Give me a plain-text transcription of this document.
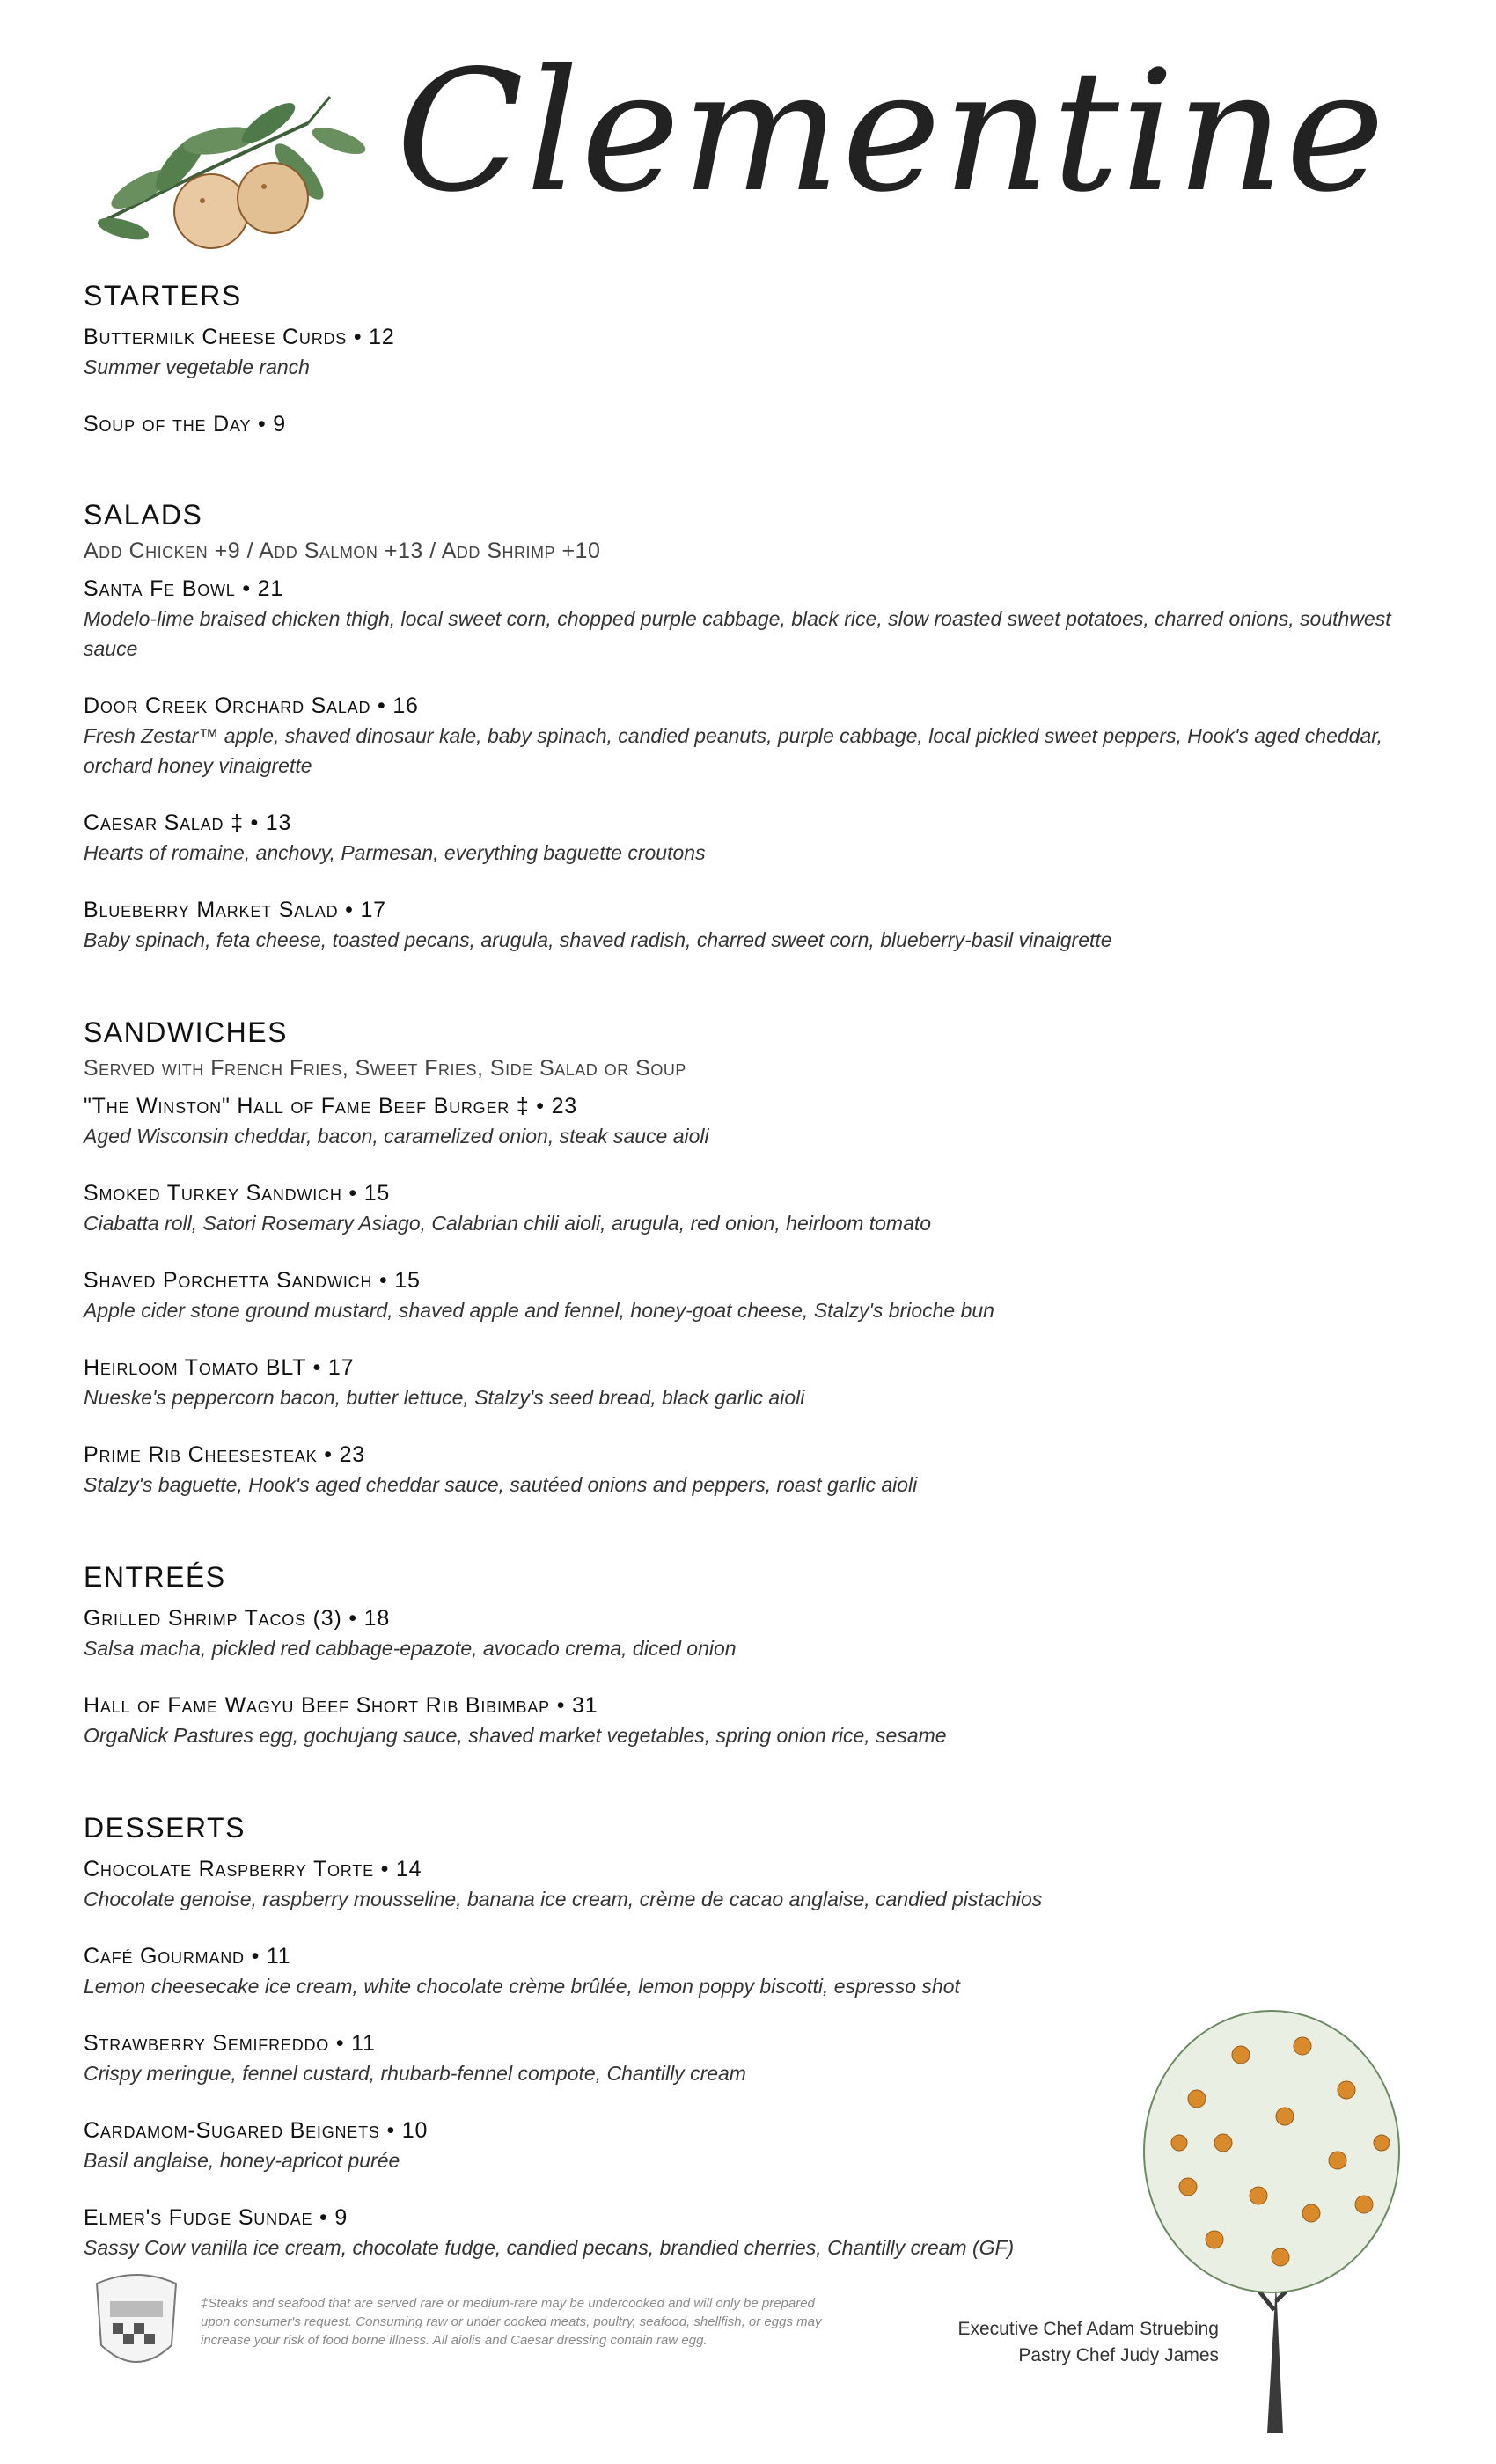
Clementine
STARTERS
Buttermilk Cheese Curds • 12
Summer vegetable ranch
Soup of the Day • 9
SALADS
Add Chicken +9 / Add Salmon +13 / Add Shrimp +10
Santa Fe Bowl • 21
Modelo-lime braised chicken thigh, local sweet corn, chopped purple cabbage, black rice, slow roasted sweet potatoes, charred onions, southwest sauce
Door Creek Orchard Salad • 16
Fresh Zestar™ apple, shaved dinosaur kale, baby spinach, candied peanuts, purple cabbage, local pickled sweet peppers, Hook's aged cheddar, orchard honey vinaigrette
Caesar Salad ‡ • 13
Hearts of romaine, anchovy, Parmesan, everything baguette croutons
Blueberry Market Salad • 17
Baby spinach, feta cheese, toasted pecans, arugula, shaved radish, charred sweet corn, blueberry-basil vinaigrette
SANDWICHES
Served with French Fries, Sweet Fries, Side Salad or Soup
"The Winston" Hall of Fame Beef Burger ‡ • 23
Aged Wisconsin cheddar, bacon, caramelized onion, steak sauce aioli
Smoked Turkey Sandwich • 15
Ciabatta roll, Satori Rosemary Asiago, Calabrian chili aioli, arugula, red onion, heirloom tomato
Shaved Porchetta Sandwich • 15
Apple cider stone ground mustard, shaved apple and fennel, honey-goat cheese, Stalzy's brioche bun
Heirloom Tomato BLT • 17
Nueske's peppercorn bacon, butter lettuce, Stalzy's seed bread, black garlic aioli
Prime Rib Cheesesteak • 23
Stalzy's baguette, Hook's aged cheddar sauce, sautéed onions and peppers, roast garlic aioli
ENTREÉS
Grilled Shrimp Tacos (3) • 18
Salsa macha, pickled red cabbage-epazote, avocado crema, diced onion
Hall of Fame Wagyu Beef Short Rib Bibimbap • 31
OrgaNick Pastures egg, gochujang sauce, shaved market vegetables, spring onion rice, sesame
DESSERTS
Chocolate Raspberry Torte • 14
Chocolate genoise, raspberry mousseline, banana ice cream, crème de cacao anglaise, candied pistachios
Café Gourmand • 11
Lemon cheesecake ice cream, white chocolate crème brûlée, lemon poppy biscotti, espresso shot
Strawberry Semifreddo • 11
Crispy meringue, fennel custard, rhubarb-fennel compote, Chantilly cream
Cardamom-Sugared Beignets • 10
Basil anglaise, honey-apricot purée
Elmer's Fudge Sundae • 9
Sassy Cow vanilla ice cream, chocolate fudge, candied pecans, brandied cherries, Chantilly cream (GF)
‡Steaks and seafood that are served rare or medium-rare may be undercooked and will only be prepared upon consumer's request. Consuming raw or under cooked meats, poultry, seafood, shellfish, or eggs may increase your risk of food borne illness. All aiolis and Caesar dressing contain raw egg.
Executive Chef Adam Struebing
Pastry Chef Judy James
